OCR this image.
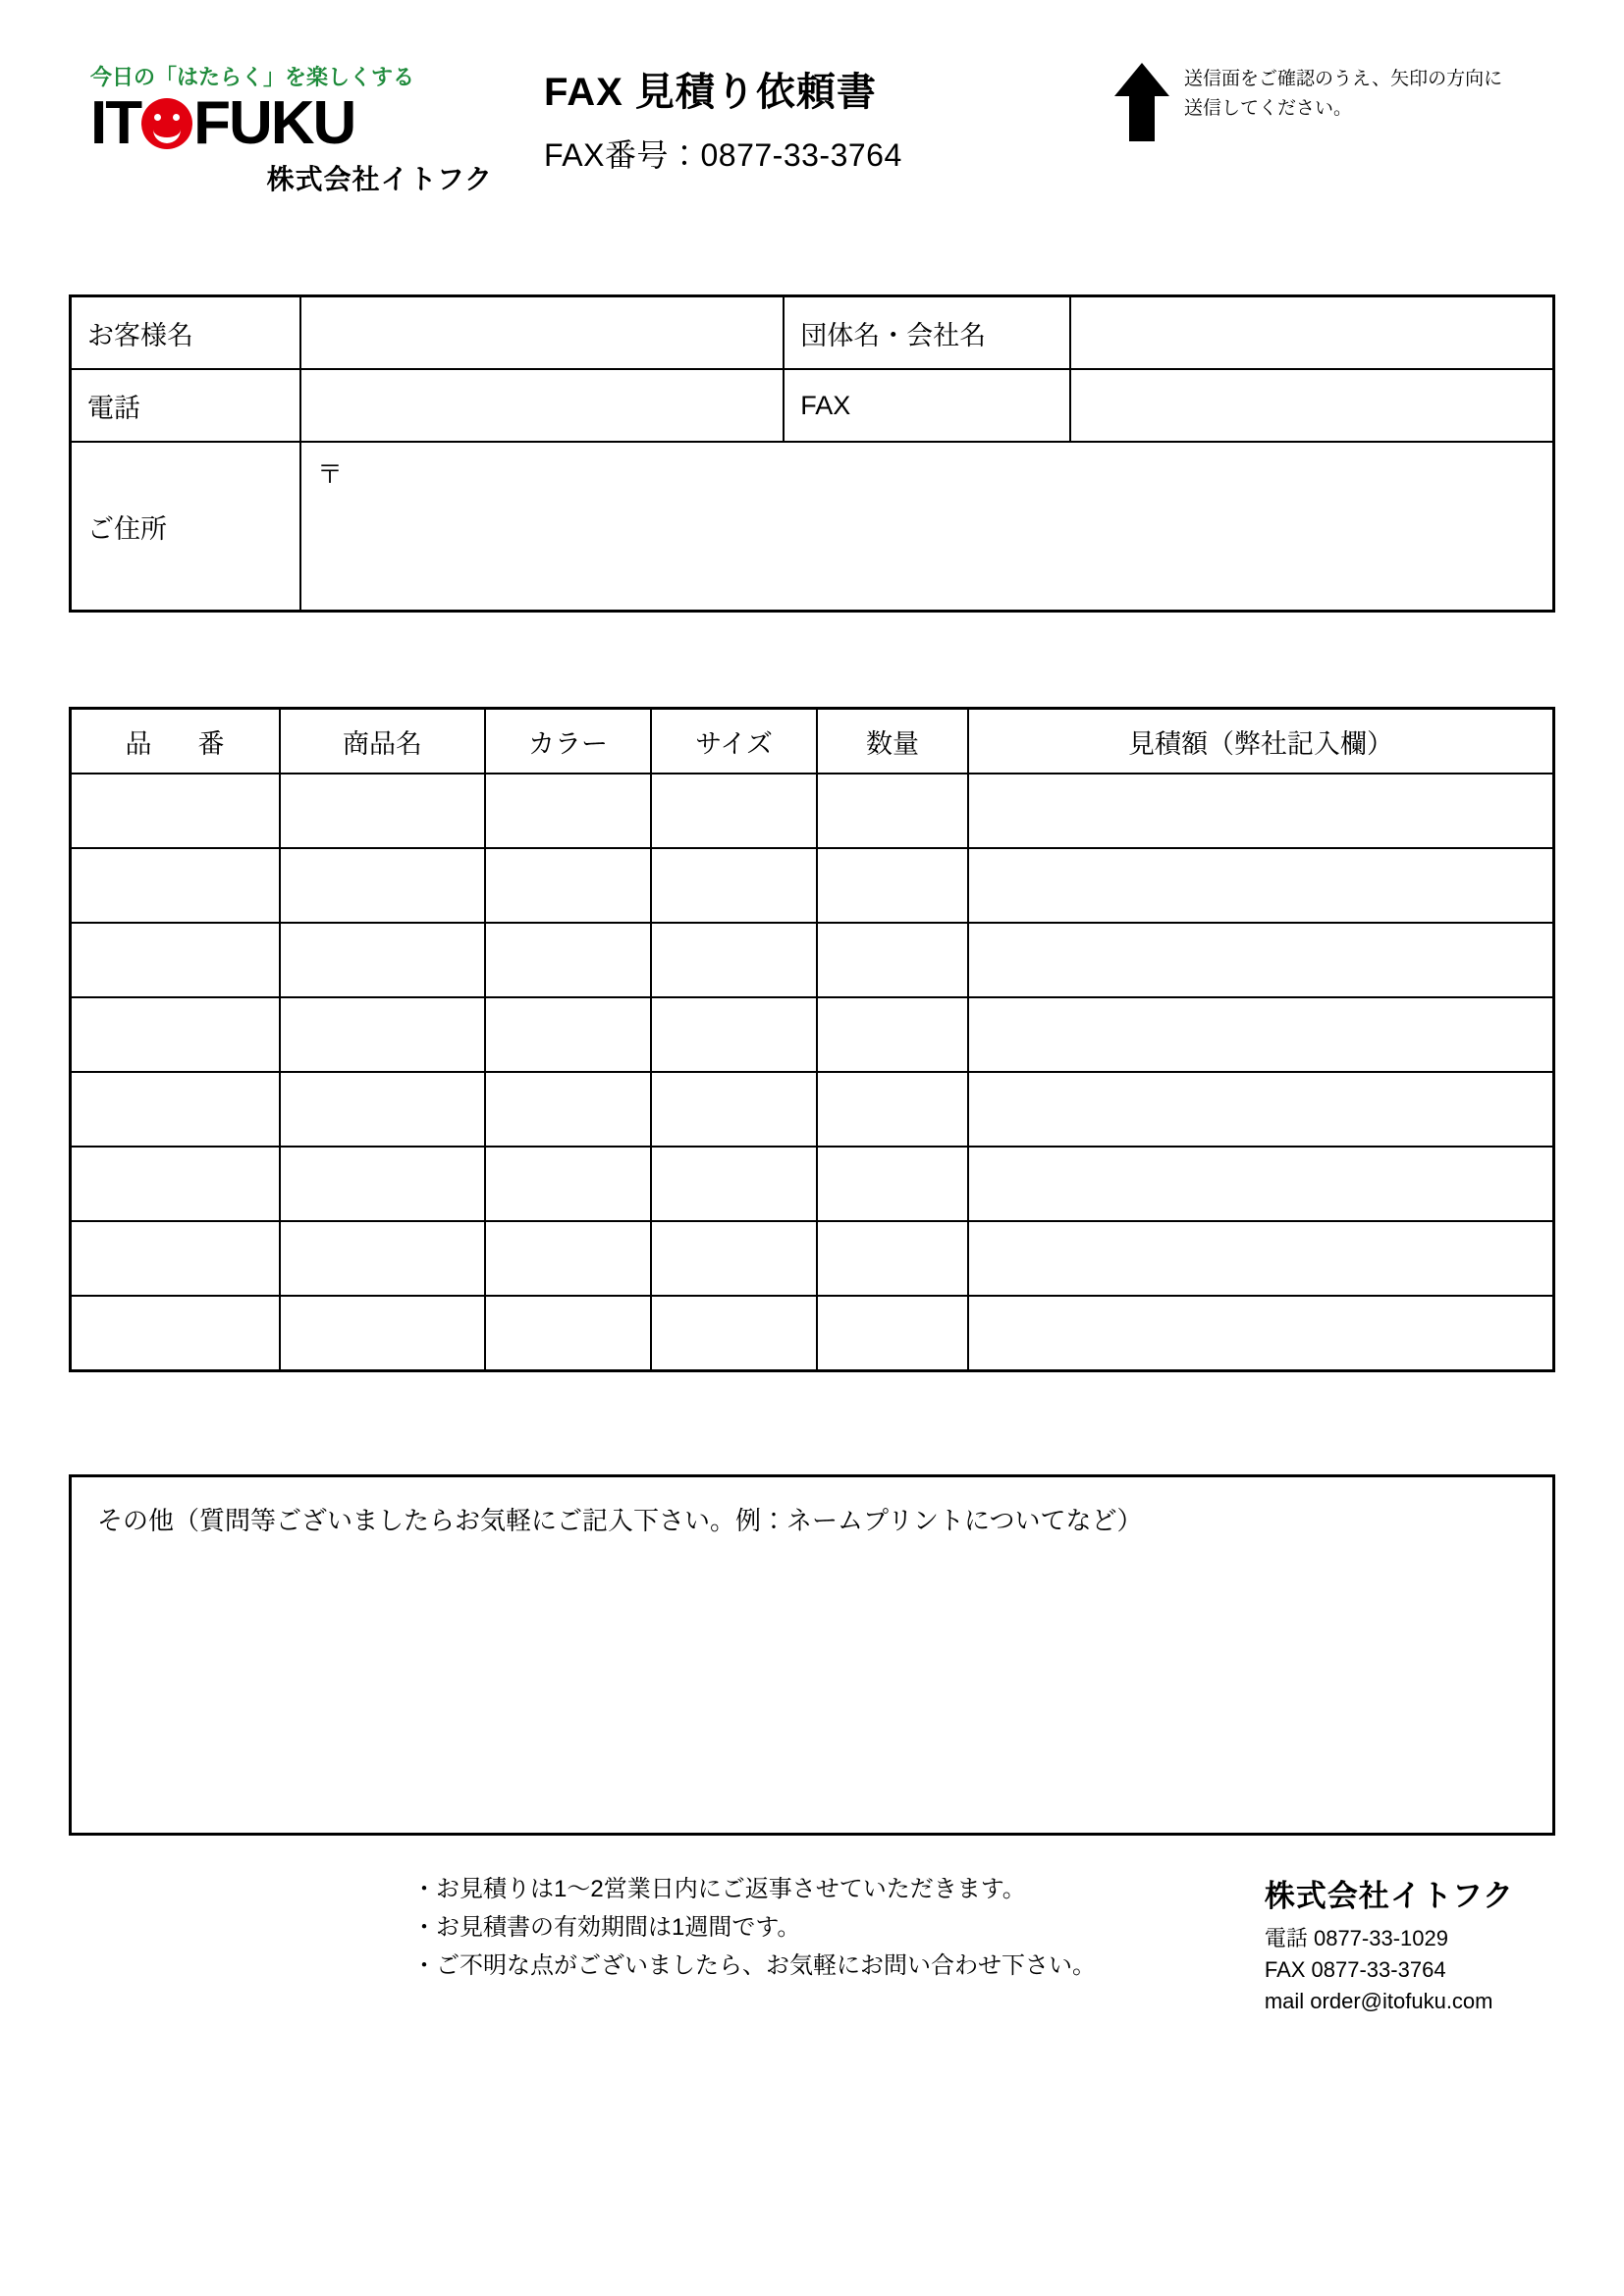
今日の「はたらく」を楽しくする
IT FUKU
株式会社イトフク
FAX 見積り依頼書
FAX番号：0877-33-3764
送信面をご確認のうえ、矢印の方向に
送信してください。
お客様名		団体名・会社名	
電話		FAX	
ご住所	〒		
品　番	商品名	カラー	サイズ	数量	見積額（弊社記入欄）

その他（質問等ございましたらお気軽にご記入下さい。例：ネームプリントについてなど）
・お見積りは1〜2営業日内にご返事させていただきます。
・お見積書の有効期間は1週間です。
・ご不明な点がございましたら、お気軽にお問い合わせ下さい。
株式会社イトフク
電話 0877-33-1029
FAX 0877-33-3764
mail order@itofuku.com
